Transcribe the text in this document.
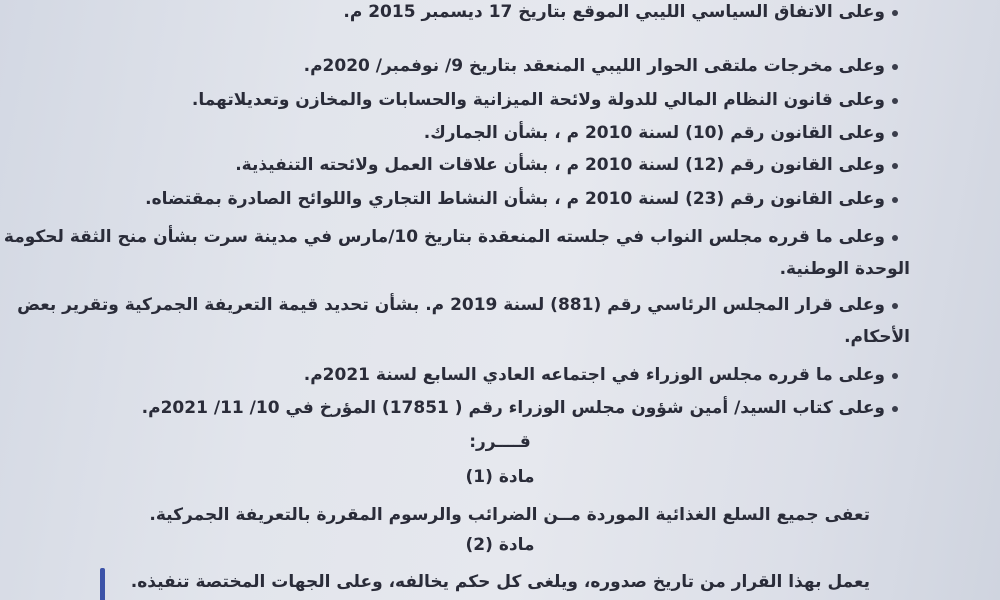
وعلى الاتفاق السياسي الليبي الموقع بتاريخ 17 ديسمبر 2015 م.
وعلى مخرجات ملتقى الحوار الليبي المنعقد بتاريخ 9/ نوفمبر/ 2020م.
وعلى قانون النظام المالي للدولة ولائحة الميزانية والحسابات والمخازن وتعديلاتهما.
وعلى القانون رقم (10) لسنة 2010 م ، بشأن الجمارك.
وعلى القانون رقم (12) لسنة 2010 م ، بشأن علاقات العمل ولائحته التنفيذية.
وعلى القانون رقم (23) لسنة 2010 م ، بشأن النشاط التجاري واللوائح الصادرة بمقتضاه.
وعلى ما قرره مجلس النواب في جلسته المنعقدة بتاريخ 10/مارس في مدينة سرت بشأن منح الثقة لحكومة
الوحدة الوطنية.
وعلى قرار المجلس الرئاسي رقم (881) لسنة 2019 م. بشأن تحديد قيمة التعريفة الجمركية وتقرير بعض
الأحكام.
وعلى ما قرره مجلس الوزراء في اجتماعه العادي السابع لسنة 2021م.
وعلى كتاب السيد/ أمين شؤون مجلس الوزراء رقم ( 17851) المؤرخ في 10/ 11/ 2021م.
قــــرر:
مادة (1)
تعفى جميع السلع الغذائية الموردة مــن الضرائب والرسوم المقررة بالتعريفة الجمركية.
مادة (2)
يعمل بهذا القرار من تاريخ صدوره، ويلغى كل حكم يخالفه، وعلى الجهات المختصة تنفيذه.
